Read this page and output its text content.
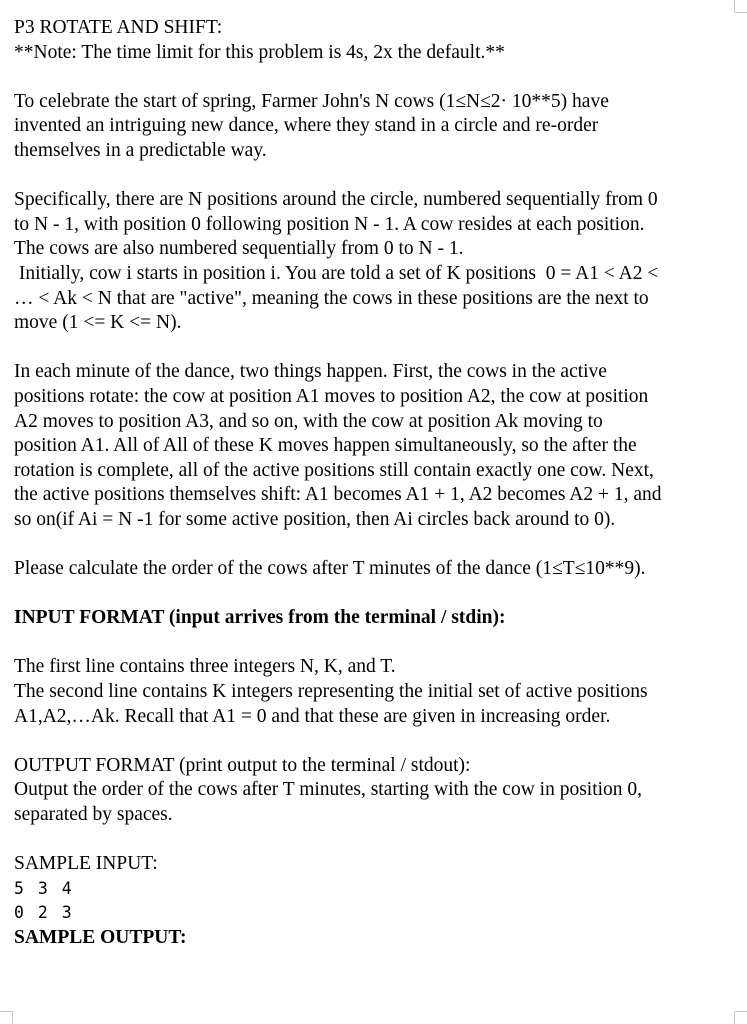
P3 ROTATE AND SHIFT:

**Note: The time limit for this problem is 4s, 2x the default.**

To celebrate the start of spring, Farmer John's N cows (1≤N≤2· 10**5) have

invented an intriguing new dance, where they stand in a circle and re-order

themselves in a predictable way.

Specifically, there are N positions around the circle, numbered sequentially from 0

to N - 1, with position 0 following position N - 1. A cow resides at each position.

The cows are also numbered sequentially from 0 to N - 1.

Initially, cow i starts in position i. You are told a set of K positions  0 = A1 < A2 <

… < Ak < N that are "active", meaning the cows in these positions are the next to

move (1 <= K <= N).

In each minute of the dance, two things happen. First, the cows in the active

positions rotate: the cow at position A1 moves to position A2, the cow at position

A2 moves to position A3, and so on, with the cow at position Ak moving to

position A1. All of All of these K moves happen simultaneously, so the after the

rotation is complete, all of the active positions still contain exactly one cow. Next,

the active positions themselves shift: A1 becomes A1 + 1, A2 becomes A2 + 1, and

so on(if Ai = N -1 for some active position, then Ai circles back around to 0).

Please calculate the order of the cows after T minutes of the dance (1≤T≤10**9).

INPUT FORMAT (input arrives from the terminal / stdin):

The first line contains three integers N, K, and T.

The second line contains K integers representing the initial set of active positions

A1,A2,…Ak. Recall that A1 = 0 and that these are given in increasing order.

OUTPUT FORMAT (print output to the terminal / stdout):

Output the order of the cows after T minutes, starting with the cow in position 0,

separated by spaces.

SAMPLE INPUT:

5 3 4

0 2 3

SAMPLE OUTPUT:
